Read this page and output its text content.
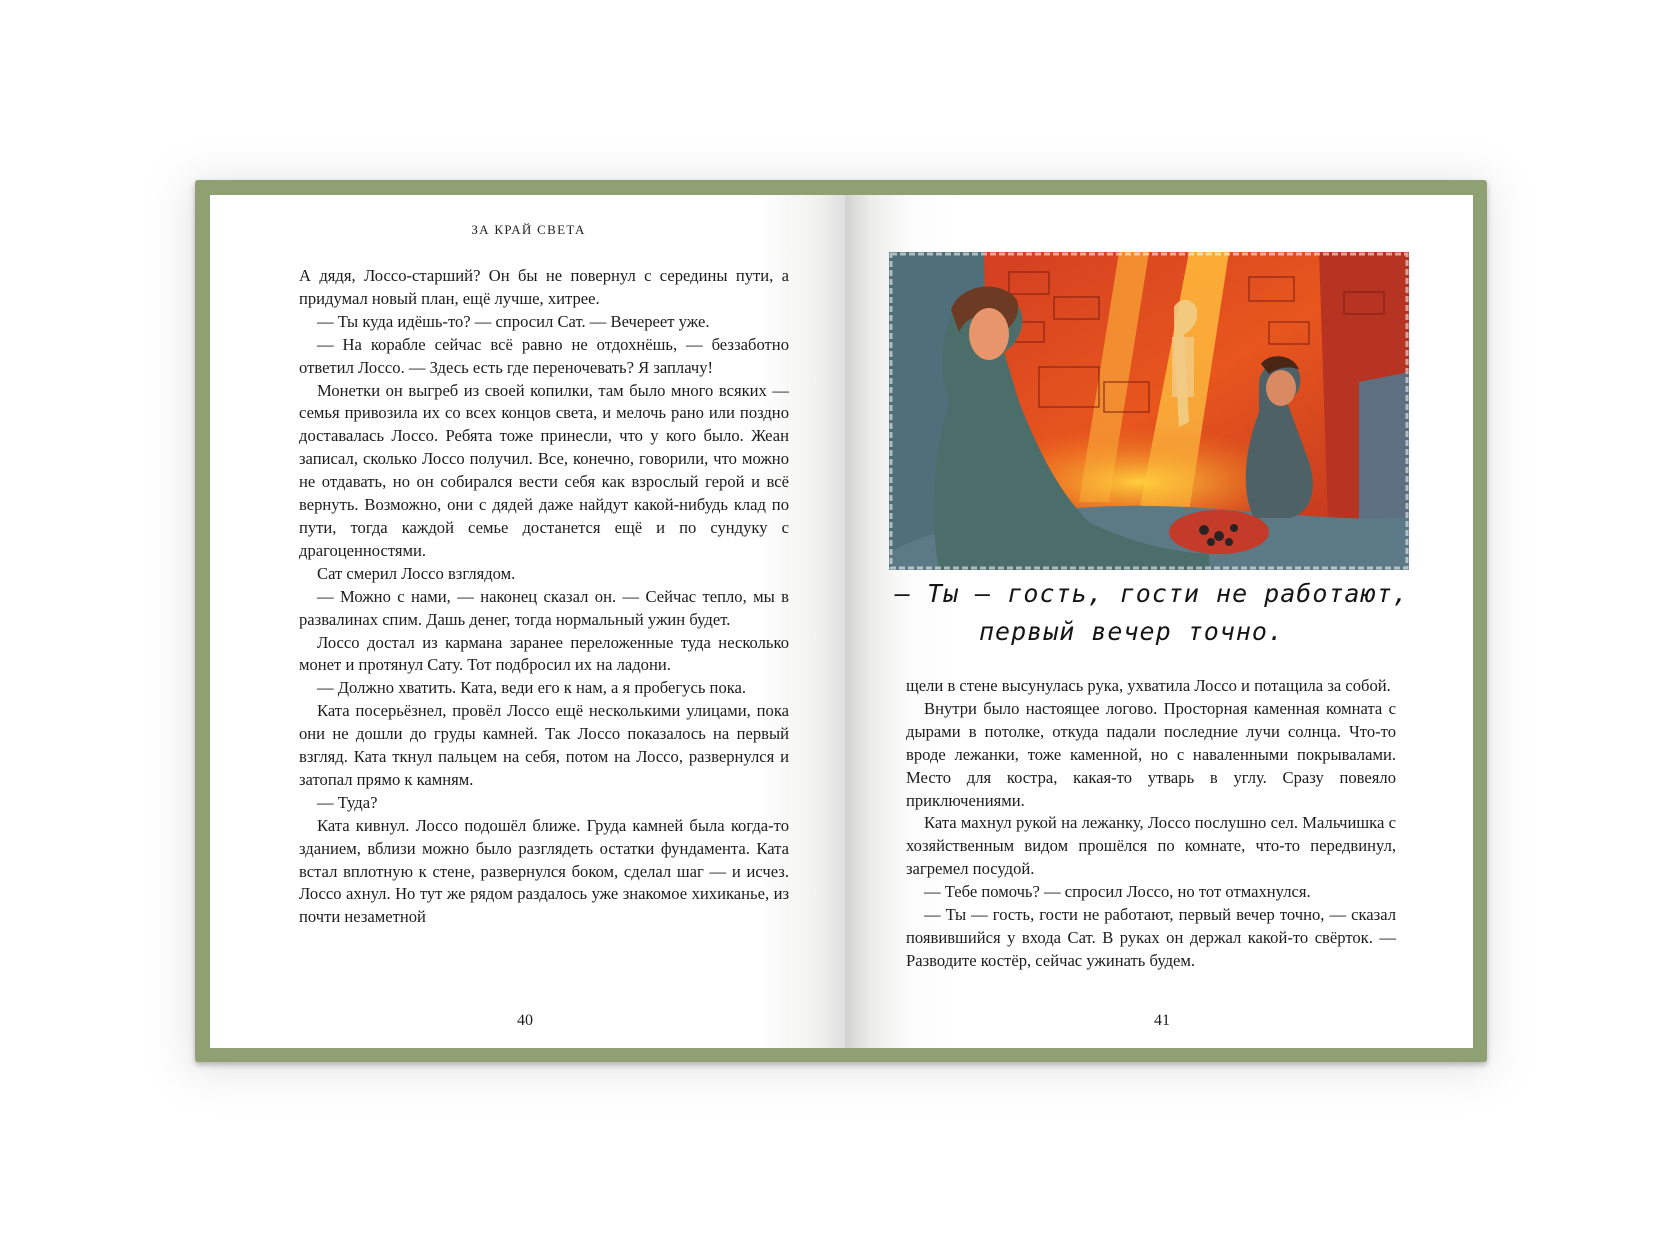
ЗА КРАЙ СВЕТА

А дядя, Лоссо-старший? Он бы не повернул с середины пути, а придумал новый план, ещё лучше, хитрее.

— Ты куда идёшь-то? — спросил Сат. — Вечереет уже.

— На корабле сейчас всё равно не отдохнёшь, — беззаботно ответил Лоссо. — Здесь есть где переночевать? Я заплачу!

Монетки он выгреб из своей копилки, там было много всяких — семья привозила их со всех концов света, и мелочь рано или поздно доставалась Лоссо. Ребята тоже принесли, что у кого было. Жеан записал, сколько Лоссо получил. Все, конечно, говорили, что можно не отдавать, но он собирался вести себя как взрослый герой и всё вернуть. Возможно, они с дядей даже найдут какой-нибудь клад по пути, тогда каждой семье достанется ещё и по сундуку с драгоценностями.

Сат смерил Лоссо взглядом.

— Можно с нами, — наконец сказал он. — Сейчас тепло, мы в развалинах спим. Дашь денег, тогда нормальный ужин будет.

Лоссо достал из кармана заранее переложенные туда несколько монет и протянул Сату. Тот подбросил их на ладони.

— Должно хватить. Ката, веди его к нам, а я пробегусь пока.

Ката посерьёзнел, провёл Лоссо ещё несколькими улицами, пока они не дошли до груды камней. Так Лоссо показалось на первый взгляд. Ката ткнул пальцем на себя, потом на Лоссо, развернулся и затопал прямо к камням.

— Туда?

Ката кивнул. Лоссо подошёл ближе. Груда камней была когда-то зданием, вблизи можно было разглядеть остатки фундамента. Ката встал вплотную к стене, развернулся боком, сделал шаг — и исчез. Лоссо ахнул. Но тут же рядом раздалось уже знакомое хихиканье, из почти незаметной

40
— Ты — гость, гости не работают,
первый вечер точно.

щели в стене высунулась рука, ухватила Лоссо и потащила за собой.

Внутри было настоящее логово. Просторная каменная комната с дырами в потолке, откуда падали последние лучи солнца. Что-то вроде лежанки, тоже каменной, но с наваленными покрывалами. Место для костра, какая-то утварь в углу. Сразу повеяло приключениями.

Ката махнул рукой на лежанку, Лоссо послушно сел. Мальчишка с хозяйственным видом прошёлся по комнате, что-то передвинул, загремел посудой.

— Тебе помочь? — спросил Лоссо, но тот отмахнулся.

— Ты — гость, гости не работают, первый вечер точно, — сказал появившийся у входа Сат. В руках он держал какой-то свёрток. — Разводите костёр, сейчас ужинать будем.

41
